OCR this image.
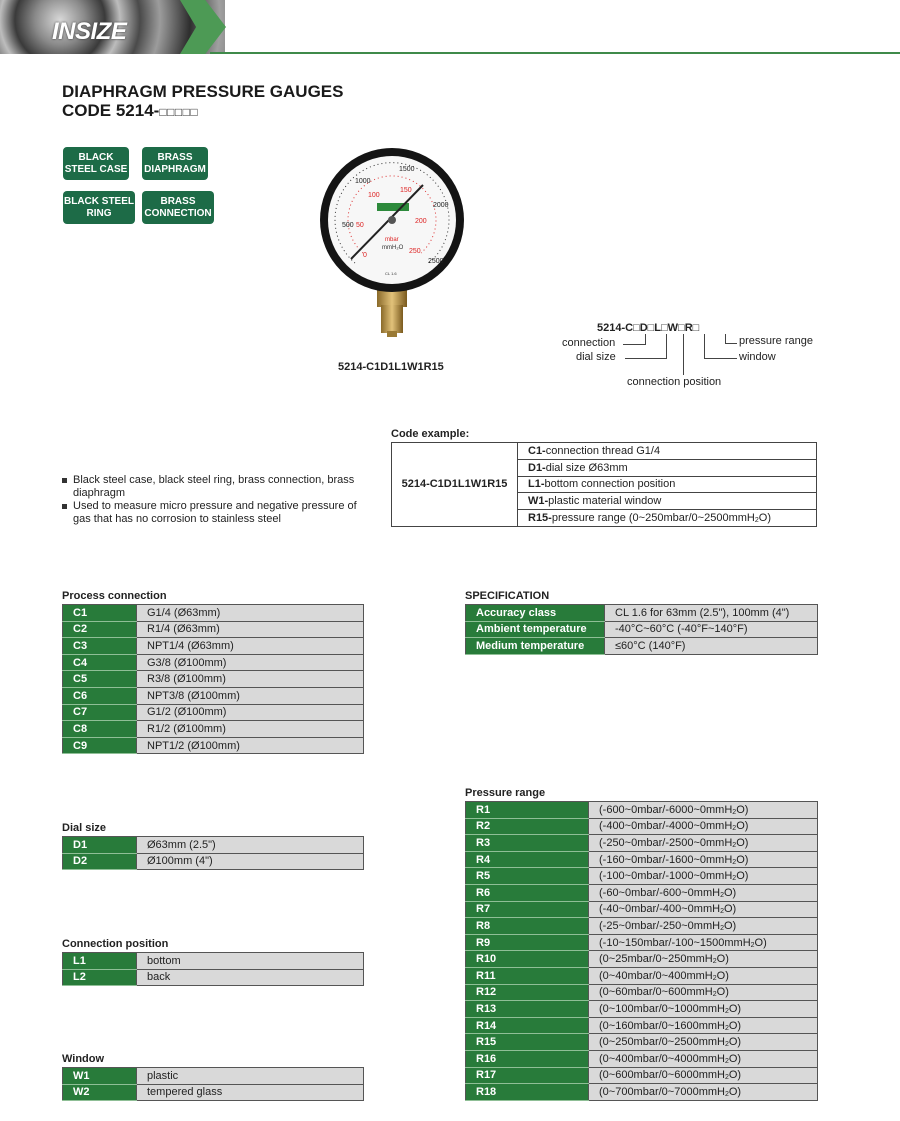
INSIZE
DIAPHRAGM PRESSURE GAUGES
CODE 5214-□□□□□
BLACK
STEEL CASE
BRASS
DIAPHRAGM
BLACK STEEL
RING
BRASS
CONNECTION
500
1000
1500
2000
2500
0
50
100
150
200
250
mbar
mmH₂O
CL 1.6
5214-C1D1L1W1R15
5214-C□D□L□W□R□
connection
dial size
connection position
window
pressure range
Code example:
5214-C1D1L1W1R15	C1-connection thread G1/4
D1-dial size Ø63mm
L1-bottom connection position
W1-plastic material window
R15-pressure range (0~250mbar/0~2500mmH$_2$O)
Black steel case, black steel ring, brass connection, brass diaphragm
Used to measure micro pressure and negative pressure of gas that has no corrosion to stainless steel
Process connection
C1	G1/4 (Ø63mm)
C2	R1/4 (Ø63mm)
C3	NPT1/4 (Ø63mm)
C4	G3/8 (Ø100mm)
C5	R3/8 (Ø100mm)
C6	NPT3/8 (Ø100mm)
C7	G1/2 (Ø100mm)
C8	R1/2 (Ø100mm)
C9	NPT1/2 (Ø100mm)
SPECIFICATION
Accuracy class	CL 1.6 for 63mm (2.5"), 100mm (4")
Ambient temperature	-40°C~60°C (-40°F~140°F)
Medium temperature	≤60°C (140°F)
Dial size
D1	Ø63mm (2.5")
D2	Ø100mm (4")
Connection position
L1	bottom
L2	back
Window
W1	plastic
W2	tempered glass
Pressure range
R1	(-600~0mbar/-6000~0mmH$_2$O)
R2	(-400~0mbar/-4000~0mmH$_2$O)
R3	(-250~0mbar/-2500~0mmH$_2$O)
R4	(-160~0mbar/-1600~0mmH$_2$O)
R5	(-100~0mbar/-1000~0mmH$_2$O)
R6	(-60~0mbar/-600~0mmH$_2$O)
R7	(-40~0mbar/-400~0mmH$_2$O)
R8	(-25~0mbar/-250~0mmH$_2$O)
R9	(-10~150mbar/-100~1500mmH$_2$O)
R10	(0~25mbar/0~250mmH$_2$O)
R11	(0~40mbar/0~400mmH$_2$O)
R12	(0~60mbar/0~600mmH$_2$O)
R13	(0~100mbar/0~1000mmH$_2$O)
R14	(0~160mbar/0~1600mmH$_2$O)
R15	(0~250mbar/0~2500mmH$_2$O)
R16	(0~400mbar/0~4000mmH$_2$O)
R17	(0~600mbar/0~6000mmH$_2$O)
R18	(0~700mbar/0~7000mmH$_2$O)
